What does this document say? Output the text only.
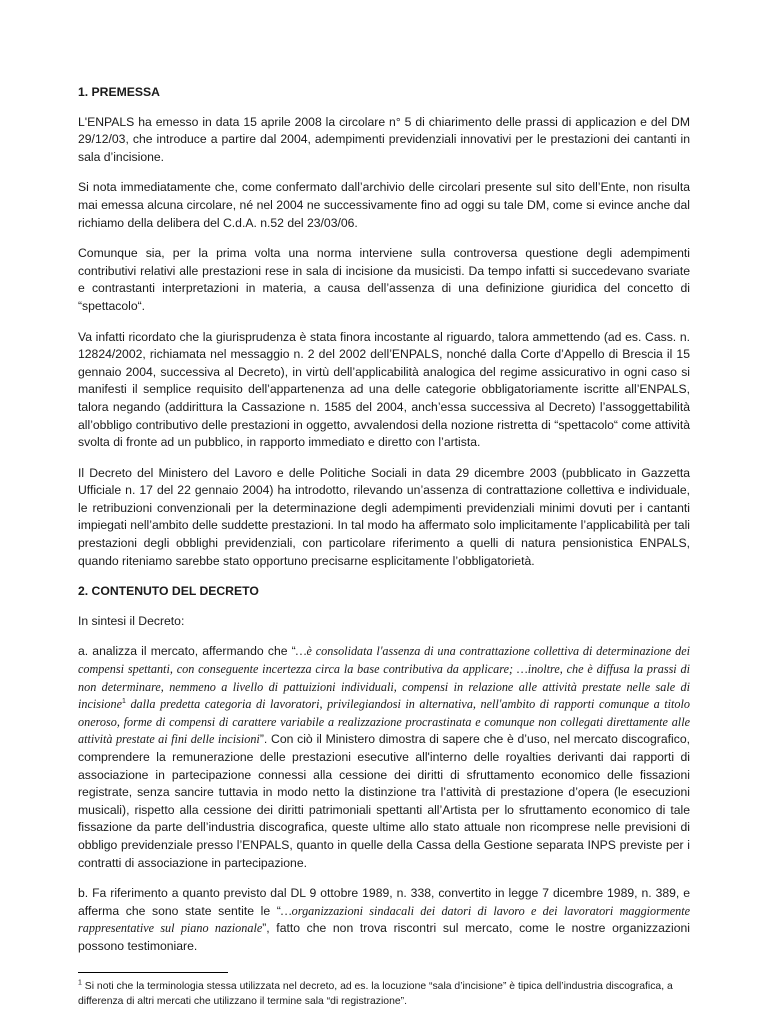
1. PREMESSA

L'ENPALS ha emesso in data 15 aprile 2008 la circolare n° 5 di chiarimento delle prassi di applicazion e del DM 29/12/03, che introduce a partire dal 2004, adempimenti previdenziali innovativi per le prestazioni dei cantanti in sala d’incisione.

Si nota immediatamente che, come confermato dall’archivio delle circolari presente sul sito dell’Ente, non risulta mai emessa alcuna circolare, né nel 2004 ne successivamente fino ad oggi su tale DM, come si evince anche dal richiamo della delibera del C.d.A. n.52 del 23/03/06.

Comunque sia, per la prima volta una norma interviene sulla controversa questione degli adempimenti contributivi relativi alle prestazioni rese in sala di incisione da musicisti. Da tempo infatti si succedevano svariate e contrastanti interpretazioni in materia, a causa dell’assenza di una definizione giuridica del concetto di “spettacolo“.

Va infatti ricordato che la giurisprudenza è stata finora incostante al riguardo, talora ammettendo (ad es. Cass. n. 12824/2002, richiamata nel messaggio n. 2 del 2002 dell’ENPALS, nonché dalla Corte d’Appello di Brescia il 15 gennaio 2004, successiva al Decreto), in virtù dell’applicabilità analogica del regime assicurativo in ogni caso si manifesti il semplice requisito dell’appartenenza ad una delle categorie obbligatoriamente iscritte all’ENPALS, talora negando (addirittura la Cassazione n. 1585 del 2004, anch’essa successiva al Decreto) l’assoggettabilità all’obbligo contributivo delle prestazioni in oggetto, avvalendosi della nozione ristretta di “spettacolo“ come attività svolta di fronte ad un pubblico, in rapporto immediato e diretto con l’artista.

Il Decreto del Ministero del Lavoro e delle Politiche Sociali in data 29 dicembre 2003 (pubblicato in Gazzetta Ufficiale n. 17 del 22 gennaio 2004) ha introdotto, rilevando un’assenza di contrattazione collettiva e individuale, le retribuzioni convenzionali per la determinazione degli adempimenti previdenziali minimi dovuti per i cantanti impiegati nell’ambito delle suddette prestazioni. In tal modo ha affermato solo implicitamente l’applicabilità per tali prestazioni degli obblighi previdenziali, con particolare riferimento a quelli di natura pensionistica ENPALS, quando riteniamo sarebbe stato opportuno precisarne esplicitamente l’obbligatorietà.

2. CONTENUTO DEL DECRETO

In sintesi il Decreto:

a. analizza il mercato, affermando che “…è consolidata l'assenza di una contrattazione collettiva di determinazione dei compensi spettanti, con conseguente incertezza circa la base contributiva da applicare; …inoltre, che è diffusa la prassi di non determinare, nemmeno a livello di pattuizioni individuali, compensi in relazione alle attività prestate nelle sale di incisione$^1$ dalla predetta categoria di lavoratori, privilegiandosi in alternativa, nell'ambito di rapporti comunque a titolo oneroso, forme di compensi di carattere variabile a realizzazione procrastinata e comunque non collegati direttamente alle attività prestate ai fini delle incisioni”. Con ciò il Ministero dimostra di sapere che è d’uso, nel mercato discografico, comprendere la remunerazione delle prestazioni esecutive all'interno delle royalties derivanti dai rapporti di associazione in partecipazione connessi alla cessione dei diritti di sfruttamento economico delle fissazioni registrate, senza sancire tuttavia in modo netto la distinzione tra l’attività di prestazione d’opera (le esecuzioni musicali), rispetto alla cessione dei diritti patrimoniali spettanti all’Artista per lo sfruttamento economico di tale fissazione da parte dell’industria discografica, queste ultime allo stato attuale non ricomprese nelle previsioni di obbligo previdenziale presso l’ENPALS, quanto in quelle della Cassa della Gestione separata INPS previste per i contratti di associazione in partecipazione.

b. Fa riferimento a quanto previsto dal DL 9 ottobre 1989, n. 338, convertito in legge 7 dicembre 1989, n. 389, e afferma che sono state sentite le “…organizzazioni sindacali dei datori di lavoro e dei lavoratori maggiormente rappresentative sul piano nazionale”, fatto che non trova riscontri sul mercato, come le nostre organizzazioni possono testimoniare.

$^1$ Si noti che la terminologia stessa utilizzata nel decreto, ad es. la locuzione “sala d’incisione” è tipica dell’industria discografica, a differenza di altri mercati che utilizzano il termine sala “di registrazione”.
